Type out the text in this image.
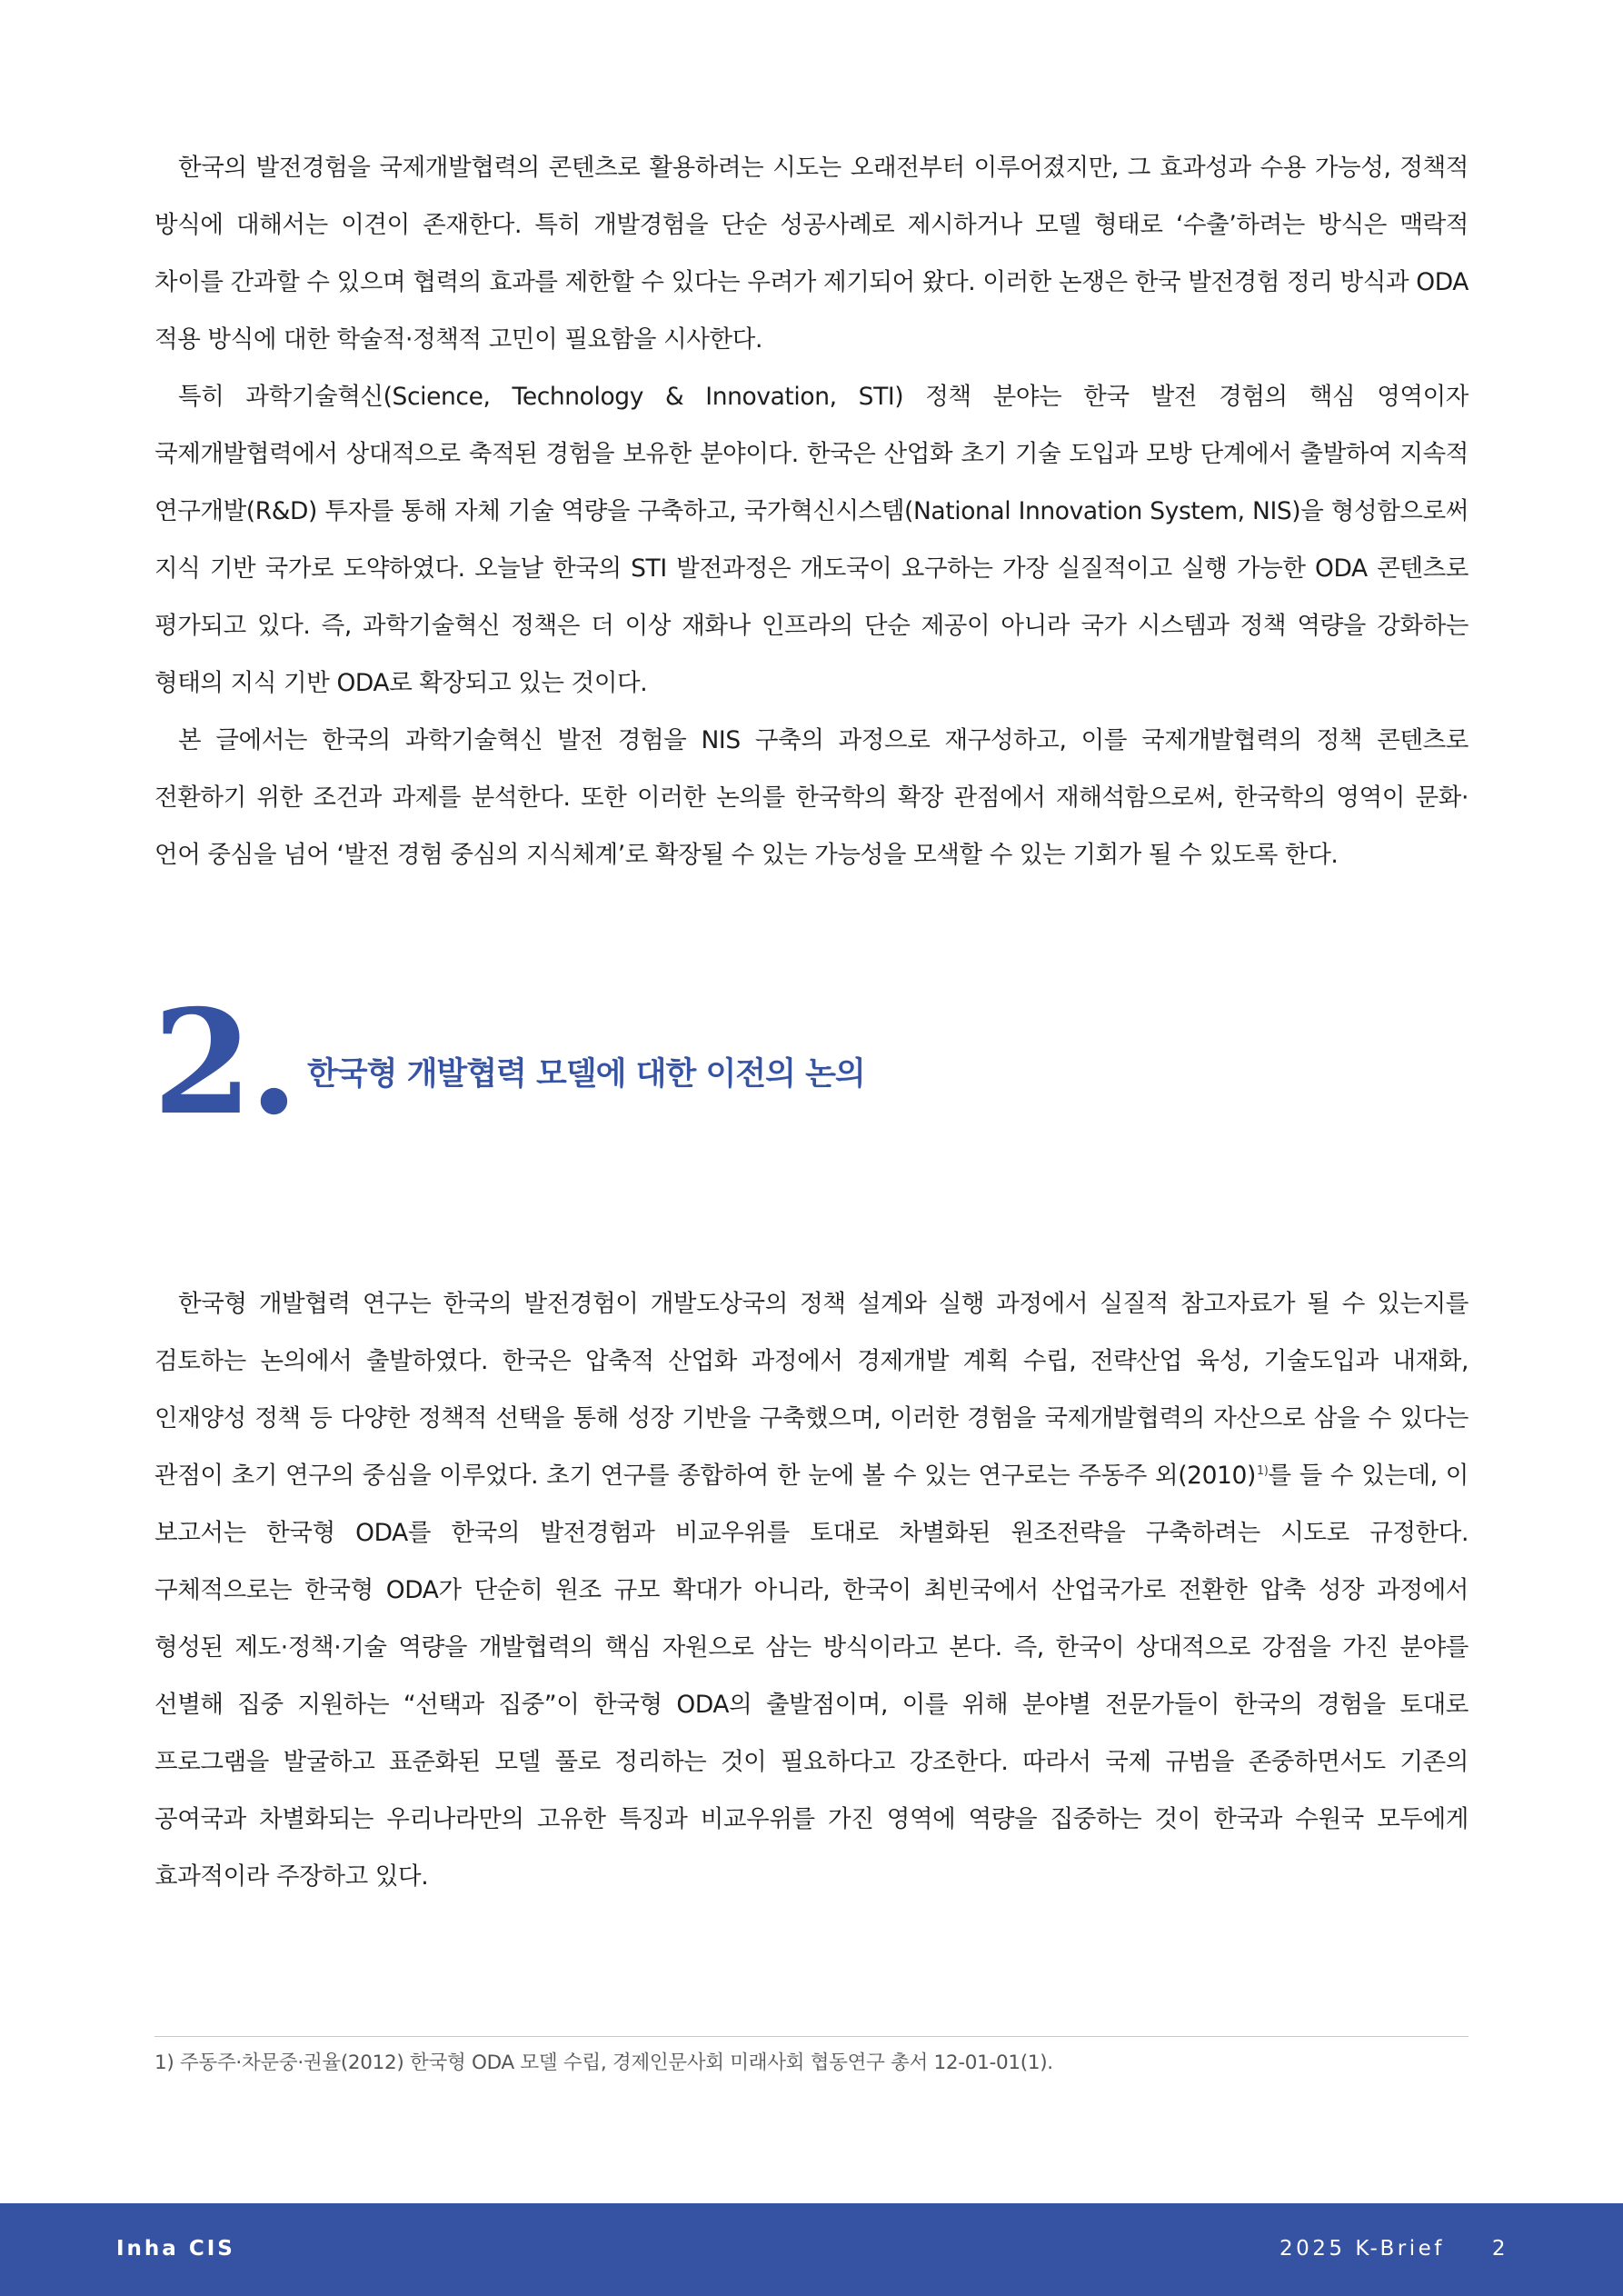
한국의 발전경험을 국제개발협력의 콘텐츠로 활용하려는 시도는 오래전부터 이루어졌지만, 그 효과성과 수용 가능성, 정책적 방식에 대해서는 이견이 존재한다. 특히 개발경험을 단순 성공사례로 제시하거나 모델 형태로 ‘수출’하려는 방식은 맥락적 차이를 간과할 수 있으며 협력의 효과를 제한할 수 있다는 우려가 제기되어 왔다. 이러한 논쟁은 한국 발전경험 정리 방식과 ODA 적용 방식에 대한 학술적·정책적 고민이 필요함을 시사한다.

특히 과학기술혁신(Science, Technology & Innovation, STI) 정책 분야는 한국 발전 경험의 핵심 영역이자 국제개발협력에서 상대적으로 축적된 경험을 보유한 분야이다. 한국은 산업화 초기 기술 도입과 모방 단계에서 출발하여 지속적 연구개발(R&D) 투자를 통해 자체 기술 역량을 구축하고, 국가혁신시스템(National Innovation System, NIS)을 형성함으로써 지식 기반 국가로 도약하였다. 오늘날 한국의 STI 발전과정은 개도국이 요구하는 가장 실질적이고 실행 가능한 ODA 콘텐츠로 평가되고 있다. 즉, 과학기술혁신 정책은 더 이상 재화나 인프라의 단순 제공이 아니라 국가 시스템과 정책 역량을 강화하는 형태의 지식 기반 ODA로 확장되고 있는 것이다.

본 글에서는 한국의 과학기술혁신 발전 경험을 NIS 구축의 과정으로 재구성하고, 이를 국제개발협력의 정책 콘텐츠로 전환하기 위한 조건과 과제를 분석한다. 또한 이러한 논의를 한국학의 확장 관점에서 재해석함으로써, 한국학의 영역이 문화·언어 중심을 넘어 ‘발전 경험 중심의 지식체계’로 확장될 수 있는 가능성을 모색할 수 있는 기회가 될 수 있도록 한다.

2. 한국형 개발협력 모델에 대한 이전의 논의

한국형 개발협력 연구는 한국의 발전경험이 개발도상국의 정책 설계와 실행 과정에서 실질적 참고자료가 될 수 있는지를 검토하는 논의에서 출발하였다. 한국은 압축적 산업화 과정에서 경제개발 계획 수립, 전략산업 육성, 기술도입과 내재화, 인재양성 정책 등 다양한 정책적 선택을 통해 성장 기반을 구축했으며, 이러한 경험을 국제개발협력의 자산으로 삼을 수 있다는 관점이 초기 연구의 중심을 이루었다. 초기 연구를 종합하여 한 눈에 볼 수 있는 연구로는 주동주 외(2010)$^{1)}$를 들 수 있는데, 이 보고서는 한국형 ODA를 한국의 발전경험과 비교우위를 토대로 차별화된 원조전략을 구축하려는 시도로 규정한다. 구체적으로는 한국형 ODA가 단순히 원조 규모 확대가 아니라, 한국이 최빈국에서 산업국가로 전환한 압축 성장 과정에서 형성된 제도·정책·기술 역량을 개발협력의 핵심 자원으로 삼는 방식이라고 본다. 즉, 한국이 상대적으로 강점을 가진 분야를 선별해 집중 지원하는 “선택과 집중”이 한국형 ODA의 출발점이며, 이를 위해 분야별 전문가들이 한국의 경험을 토대로 프로그램을 발굴하고 표준화된 모델 풀로 정리하는 것이 필요하다고 강조한다. 따라서 국제 규범을 존중하면서도 기존의 공여국과 차별화되는 우리나라만의 고유한 특징과 비교우위를 가진 영역에 역량을 집중하는 것이 한국과 수원국 모두에게 효과적이라 주장하고 있다.

1) 주동주·차문중·권율(2012) 한국형 ODA 모델 수립, 경제인문사회 미래사회 협동연구 총서 12-01-01(1).
Inha CIS	2025 K-Brief 2
